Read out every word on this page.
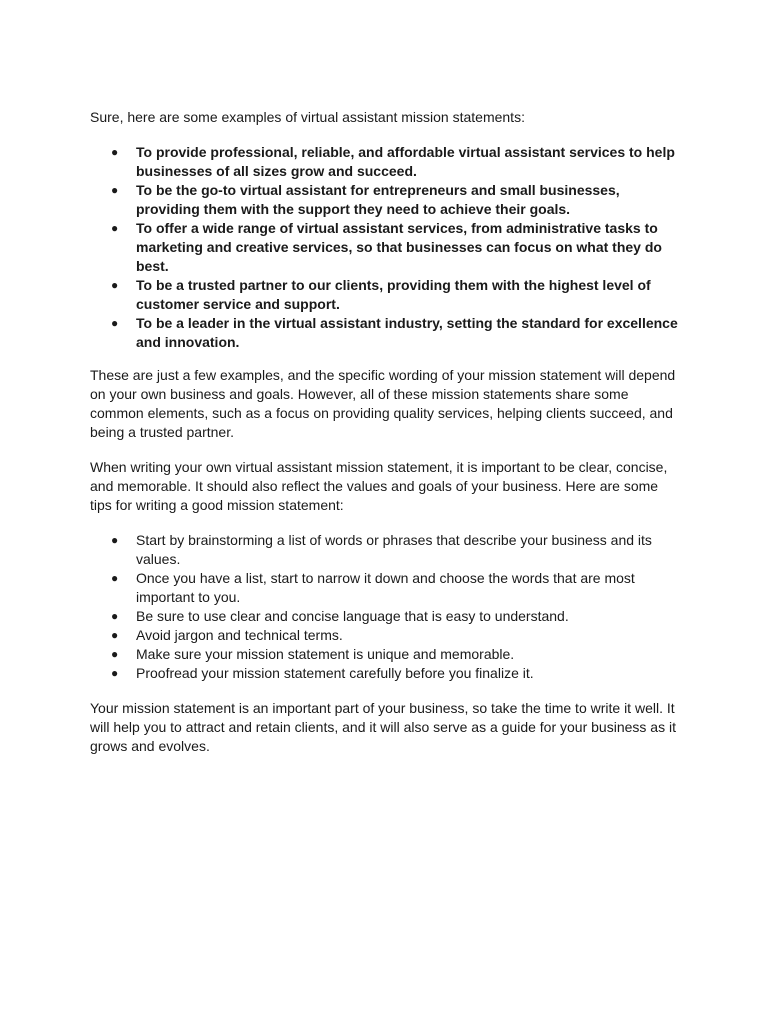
Sure, here are some examples of virtual assistant mission statements:

● To provide professional, reliable, and affordable virtual assistant services to help businesses of all sizes grow and succeed.
● To be the go-to virtual assistant for entrepreneurs and small businesses, providing them with the support they need to achieve their goals.
● To offer a wide range of virtual assistant services, from administrative tasks to marketing and creative services, so that businesses can focus on what they do best.
● To be a trusted partner to our clients, providing them with the highest level of customer service and support.
● To be a leader in the virtual assistant industry, setting the standard for excellence and innovation.

These are just a few examples, and the specific wording of your mission statement will depend on your own business and goals. However, all of these mission statements share some common elements, such as a focus on providing quality services, helping clients succeed, and being a trusted partner.

When writing your own virtual assistant mission statement, it is important to be clear, concise, and memorable. It should also reflect the values and goals of your business. Here are some tips for writing a good mission statement:

● Start by brainstorming a list of words or phrases that describe your business and its values.
● Once you have a list, start to narrow it down and choose the words that are most important to you.
● Be sure to use clear and concise language that is easy to understand.
● Avoid jargon and technical terms.
● Make sure your mission statement is unique and memorable.
● Proofread your mission statement carefully before you finalize it.

Your mission statement is an important part of your business, so take the time to write it well. It will help you to attract and retain clients, and it will also serve as a guide for your business as it grows and evolves.
